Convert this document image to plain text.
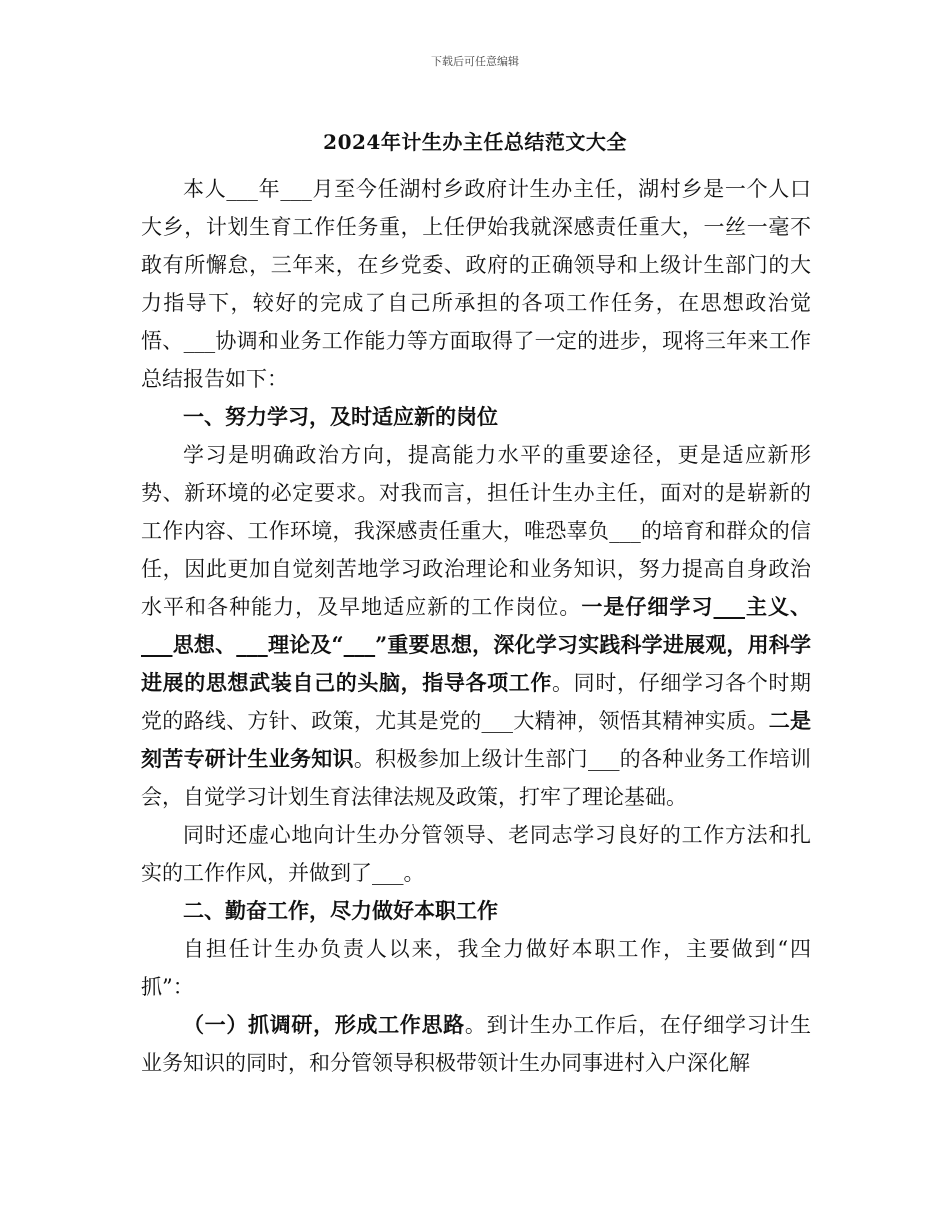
下载后可任意编辑
2024年计生办主任总结范文大全

本人___年___月至今任湖村乡政府计生办主任，湖村乡是一个人口大乡，计划生育工作任务重，上任伊始我就深感责任重大，一丝一毫不敢有所懈怠，三年来，在乡党委、政府的正确领导和上级计生部门的大力指导下，较好的完成了自己所承担的各项工作任务，在思想政治觉悟、___协调和业务工作能力等方面取得了一定的进步，现将三年来工作总结报告如下：

一、努力学习，及时适应新的岗位

学习是明确政治方向，提高能力水平的重要途径，更是适应新形势、新环境的必定要求。对我而言，担任计生办主任，面对的是崭新的工作内容、工作环境，我深感责任重大，唯恐辜负___的培育和群众的信任，因此更加自觉刻苦地学习政治理论和业务知识，努力提高自身政治水平和各种能力，及早地适应新的工作岗位。一是仔细学习___主义、___思想、___理论及“___”重要思想，深化学习实践科学进展观，用科学进展的思想武装自己的头脑，指导各项工作。同时，仔细学习各个时期党的路线、方针、政策，尤其是党的___大精神，领悟其精神实质。二是刻苦专研计生业务知识。积极参加上级计生部门___的各种业务工作培训会，自觉学习计划生育法律法规及政策，打牢了理论基础。

同时还虚心地向计生办分管领导、老同志学习良好的工作方法和扎实的工作作风，并做到了___。

二、勤奋工作，尽力做好本职工作

自担任计生办负责人以来，我全力做好本职工作，主要做到“四抓”：

（一）抓调研，形成工作思路。到计生办工作后，在仔细学习计生业务知识的同时，和分管领导积极带领计生办同事进村入户深化解
